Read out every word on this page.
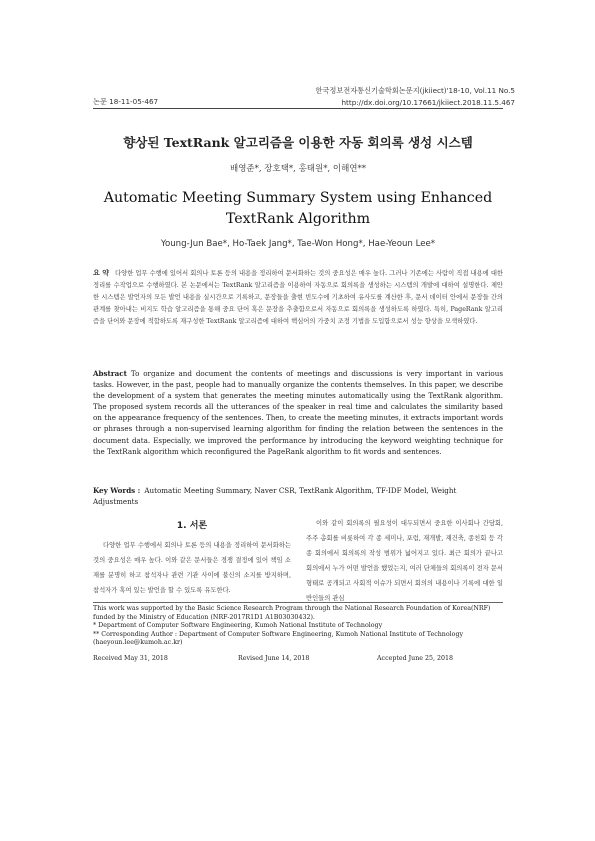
한국정보전자통신기술학회논문지(jkiiect)'18-10, Vol.11 No.5
http://dx.doi.org/10.17661/jkiiect.2018.11.5.467
논문 18-11-05-467
향상된 TextRank 알고리즘을 이용한 자동 회의록 생성 시스템
배영준*, 장호택*, 홍태원*, 이해연**
Automatic Meeting Summary System using Enhanced TextRank Algorithm
Young-Jun Bae*, Ho-Taek Jang*, Tae-Won Hong*, Hae-Yeoun Lee*
요 약 다양한 업무 수행에 있어서 회의나 토론 등의 내용을 정리하여 문서화하는 것의 중요성은 매우 높다. 그러나 기존에는 사람이 직접 내용에 대한 정리를 수작업으로 수행하였다. 본 논문에서는 TextRank 알고리즘을 이용하여 자동으로 회의록을 생성하는 시스템의 개발에 대하여 설명한다. 제안한 시스템은 발언자의 모든 발언 내용을 실시간으로 기록하고, 문장들을 출현 빈도수에 기초하여 유사도를 계산한 후, 문서 데이터 안에서 문장들 간의 관계를 찾아내는 비지도 학습 알고리즘을 통해 중요 단어 혹은 문장을 추출함으로서 자동으로 회의록을 생성하도록 하였다. 특히, PageRank 알고리즘을 단어와 문장에 적합하도록 재구성한 TextRank 알고리즘에 대하여 핵심어의 가중치 조정 기법을 도입함으로서 성능 향상을 모색하였다.
Abstract To organize and document the contents of meetings and discussions is very important in various tasks. However, in the past, people had to manually organize the contents themselves. In this paper, we describe the development of a system that generates the meeting minutes automatically using the TextRank algorithm. The proposed system records all the utterances of the speaker in real time and calculates the similarity based on the appearance frequency of the sentences. Then, to create the meeting minutes, it extracts important words or phrases through a non-supervised learning algorithm for finding the relation between the sentences in the document data. Especially, we improved the performance by introducing the keyword weighting technique for the TextRank algorithm which reconfigured the PageRank algorithm to fit words and sentences.
Key Words : Automatic Meeting Summary, Naver CSR, TextRank Algorithm, TF-IDF Model, Weight Adjustments
1. 서론
다양한 업무 수행에서 회의나 토론 등의 내용을 정리하여 문서화하는 것의 중요성은 매우 높다. 이와 같은 문서들은 경쟁 결정에 있어 책임 소재를 분명히 하고 참석자나 관련 기관 사이에 불신의 소지를 방지하며, 참석자가 혹여 있는 발언을 할 수 있도록 유도한다.
이와 같이 회의록의 필요성이 대두되면서 중요한 이사회나 간담회, 주주 총회를 비롯하여 각 종 세미나, 포럼, 재개발, 재건축, 종친회 등 각종 회의에서 회의록의 작성 범위가 넓어지고 있다. 최근 회의가 끝나고 회의에서 누가 어떤 발언을 했었는지, 여러 단체들의 회의록이 전자 문서 형태로 공개되고 사회적 이슈가 되면서 회의의 내용이나 기록에 대한 일반인들의 관심
This work was supported by the Basic Science Research Program through the National Research Foundation of Korea(NRF) funded by the Ministry of Education (NRF-2017R1D1 A1B03030432).
* Department of Computer Software Engineering, Kumoh National Institute of Technology
** Corresponding Author : Department of Computer Software Engineering, Kumoh National Institute of Technology (haeyoun.lee@kumoh.ac.kr)
Received May 31, 2018	Revised June 14, 2018	Accepted June 25, 2018
